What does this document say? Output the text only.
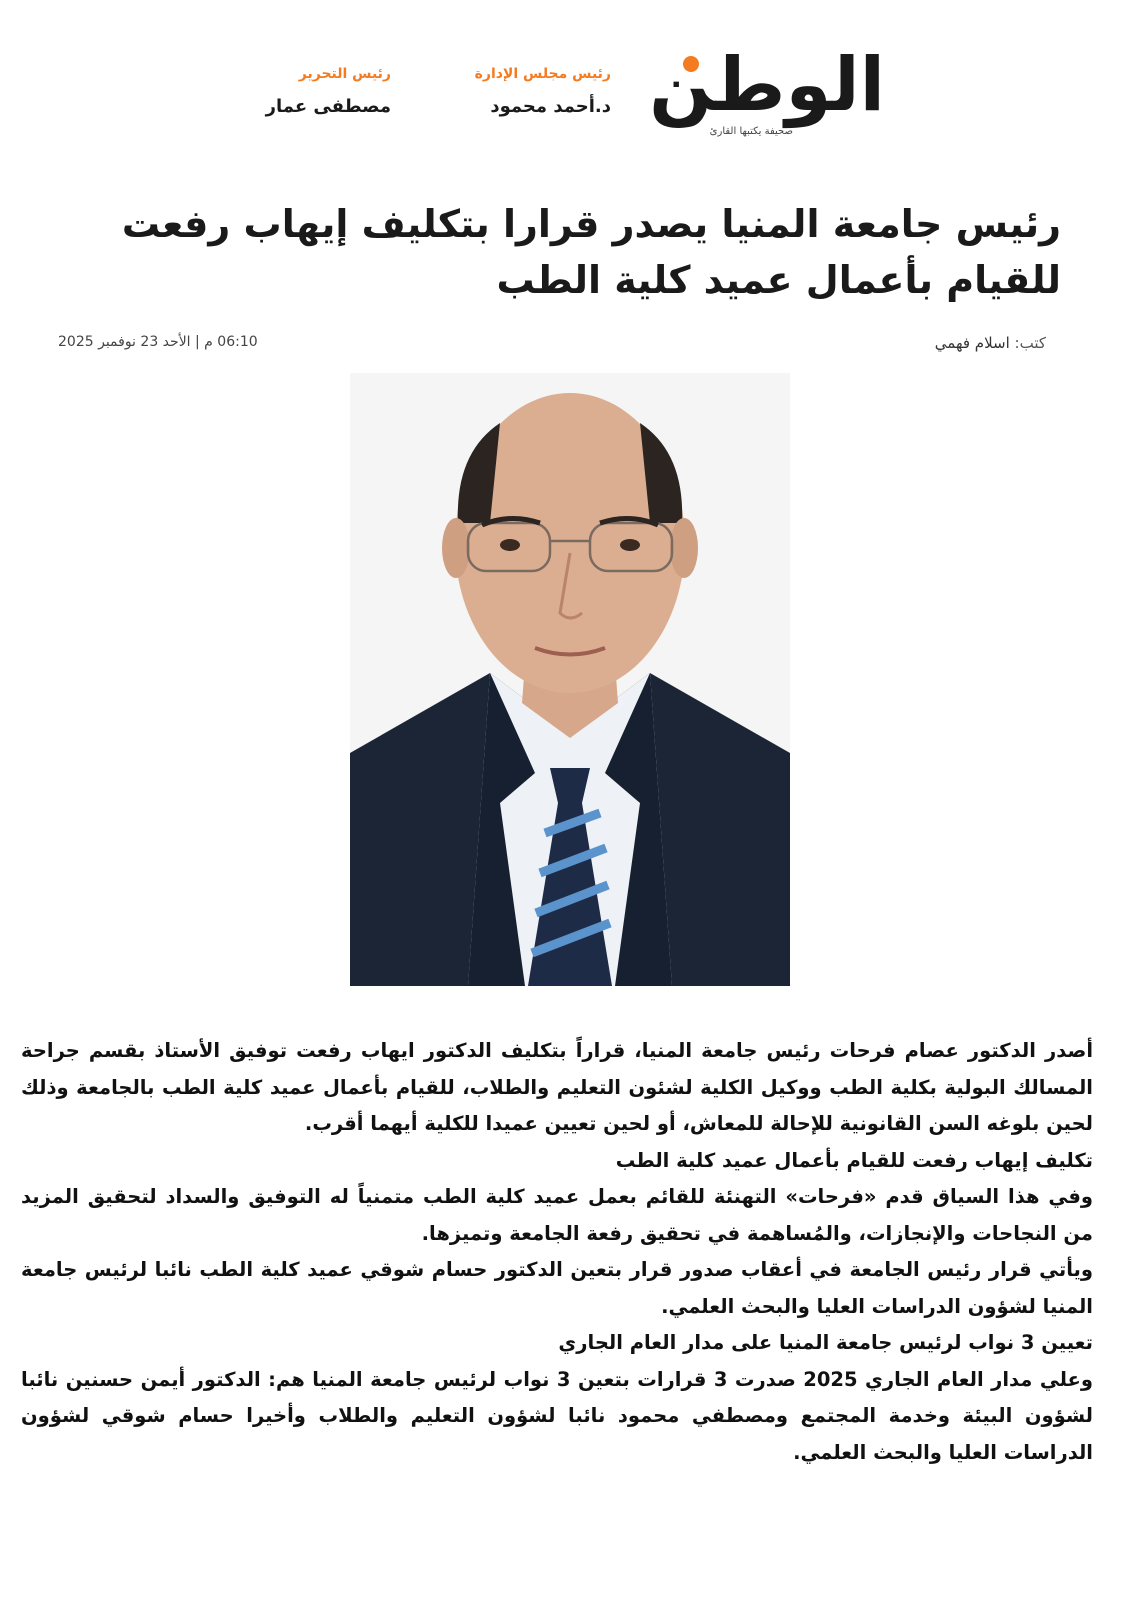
الوطن
صحيفة يكتبها القارئ
رئيس مجلس الإدارة
د.أحمد محمود
رئيس التحرير
مصطفى عمار
رئيس جامعة المنيا يصدر قرارا بتكليف إيهاب رفعت للقيام بأعمال عميد كلية الطب
كتب: اسلام فهمي
06:10 م | الأحد 23 نوفمبر 2025

أصدر الدكتور عصام فرحات رئيس جامعة المنيا، قراراً بتكليف الدكتور ايهاب رفعت توفيق الأستاذ بقسم جراحة المسالك البولية بكلية الطب ووكيل الكلية لشئون التعليم والطلاب، للقيام بأعمال عميد كلية الطب بالجامعة وذلك لحين بلوغه السن القانونية للإحالة للمعاش، أو لحين تعيين عميدا للكلية أيهما أقرب.

تكليف إيهاب رفعت للقيام بأعمال عميد كلية الطب

وفي هذا السياق قدم «فرحات» التهنئة للقائم بعمل عميد كلية الطب متمنياً له التوفيق والسداد لتحقيق المزيد من النجاحات والإنجازات، والمُساهمة في تحقيق رفعة الجامعة وتميزها.

ويأتي قرار رئيس الجامعة في أعقاب صدور قرار بتعين الدكتور حسام شوقي عميد كلية الطب نائبا لرئيس جامعة المنيا لشؤون الدراسات العليا والبحث العلمي.

تعيين 3 نواب لرئيس جامعة المنيا على مدار العام الجاري

وعلي مدار العام الجاري 2025 صدرت 3 قرارات بتعين 3 نواب لرئيس جامعة المنيا هم: الدكتور أيمن حسنين نائبا لشؤون البيئة وخدمة المجتمع ومصطفي محمود نائبا لشؤون التعليم والطلاب وأخيرا حسام شوقي لشؤون الدراسات العليا والبحث العلمي.
